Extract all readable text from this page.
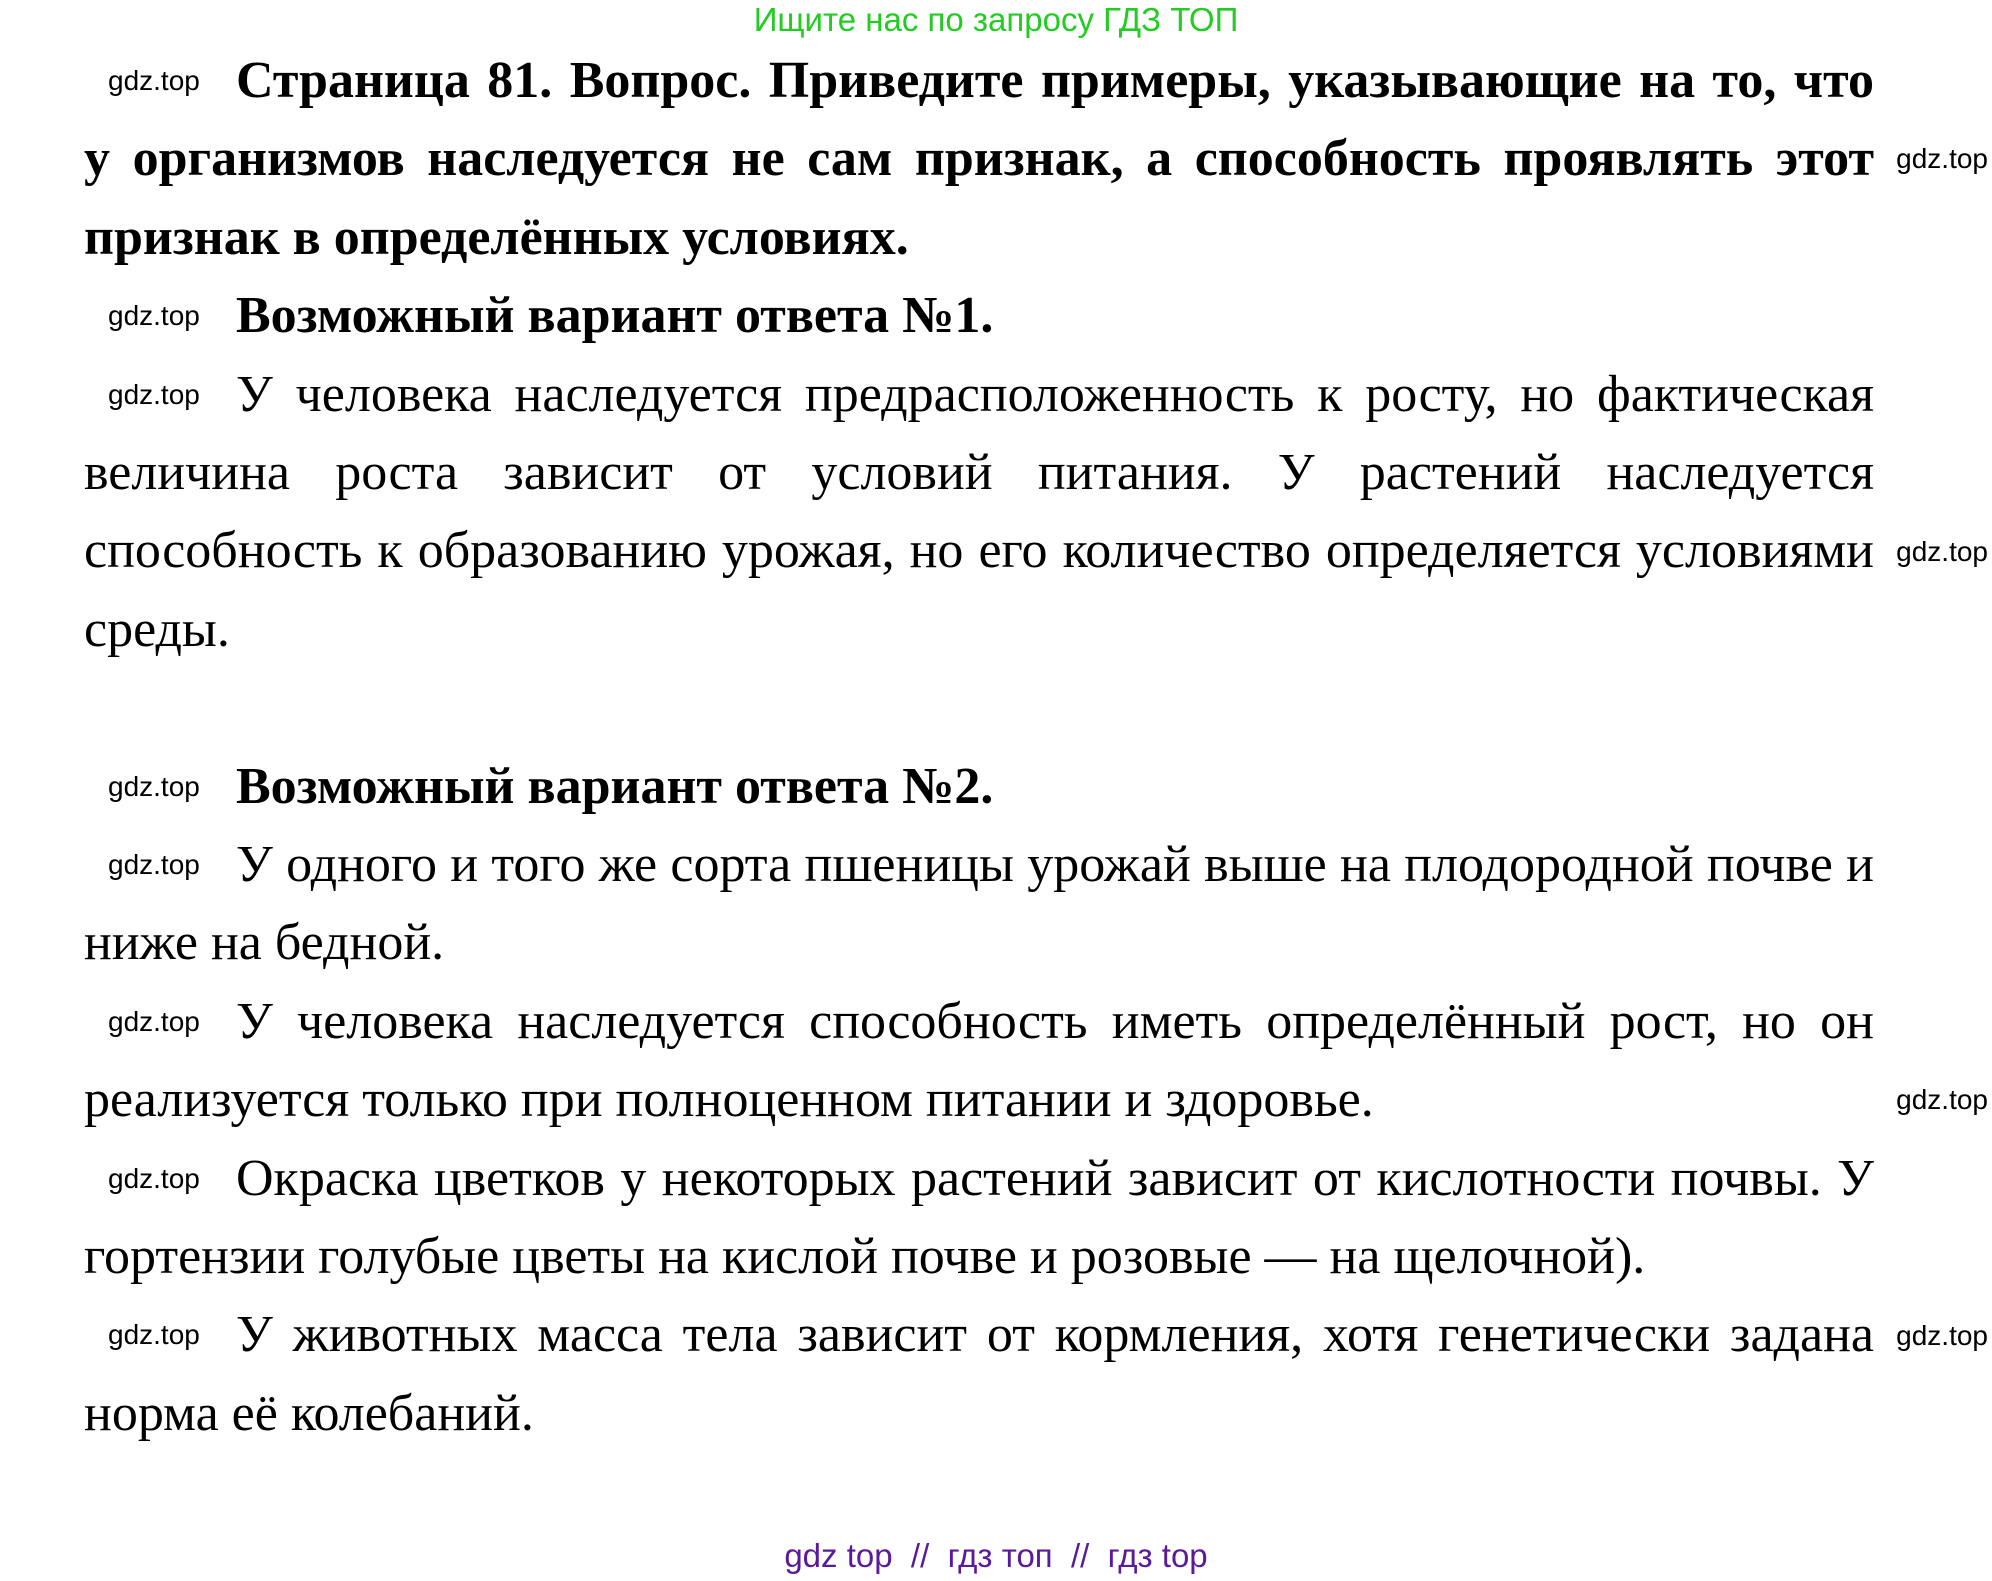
Ищите нас по запросу ГДЗ ТОП

Страница 81. Вопрос. Приведите примеры, указывающие на то, что у организмов наследуется не сам признак, а способность проявлять этот признак в определённых условиях.
gdz.top
gdz.top

Возможный вариант ответа №1.
gdz.top

У человека наследуется предрасположенность к росту, но фактическая величина роста зависит от условий питания. У растений наследуется способность к образованию урожая, но его количество определяется условиями среды.
gdz.top
gdz.top

Возможный вариант ответа №2.
gdz.top

У одного и того же сорта пшеницы урожай выше на плодородной почве и ниже на бедной.
gdz.top

У человека наследуется способность иметь определённый рост, но он реализуется только при полноценном питании и здоровье.
gdz.top
gdz.top

Окраска цветков у некоторых растений зависит от кислотности почвы. У гортензии голубые цветы на кислой почве и розовые — на щелочной).
gdz.top
gdz.top

У животных масса тела зависит от кормления, хотя генетически задана норма её колебаний.
gdz.top

gdz top  //  гдз топ  //  гдз top
